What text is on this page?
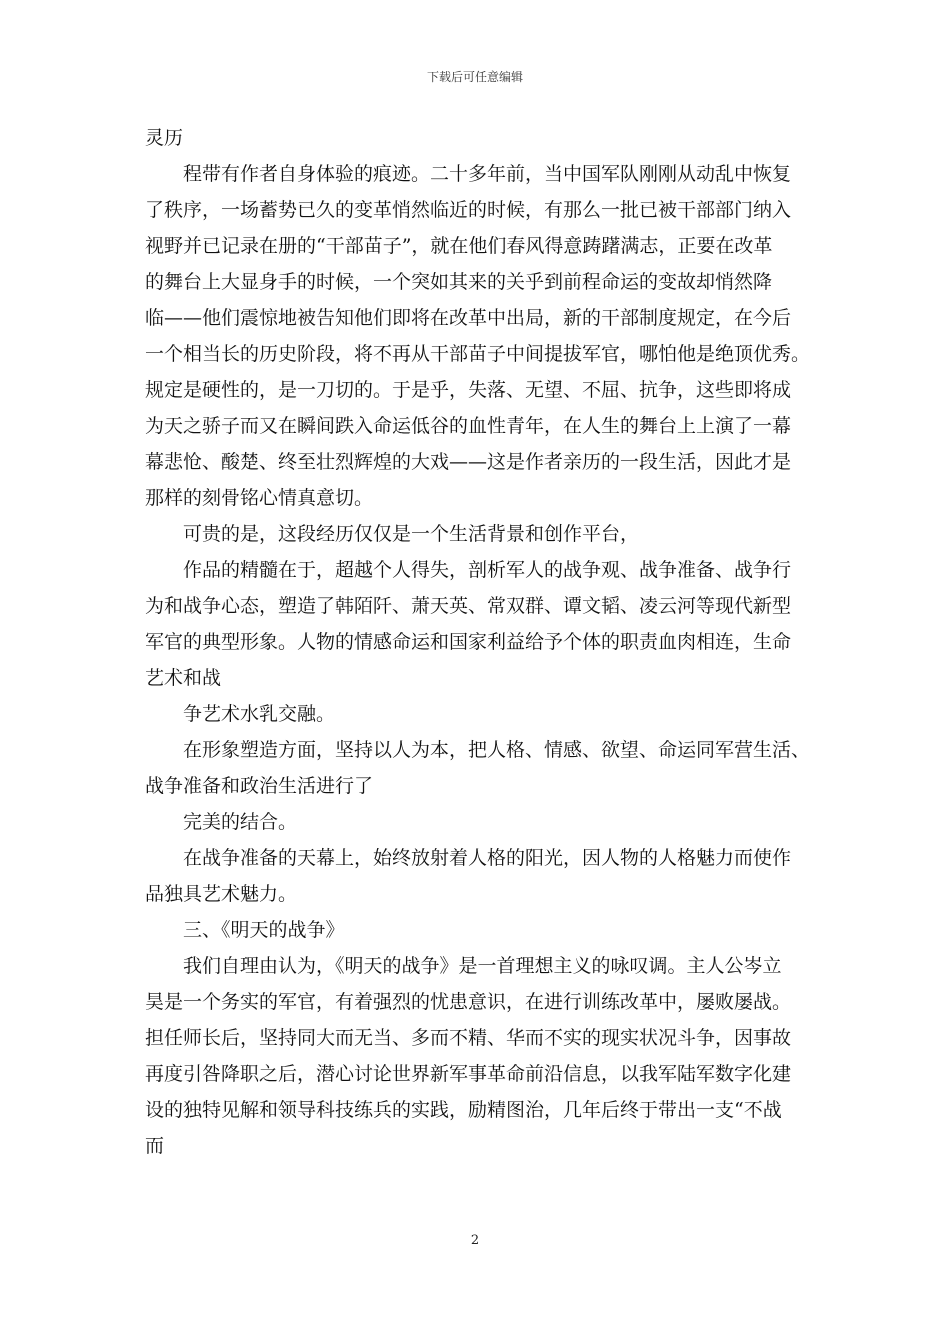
下载后可任意编辑
灵历
程带有作者自身体验的痕迹。二十多年前，当中国军队刚刚从动乱中恢复
了秩序，一场蓄势已久的变革悄然临近的时候，有那么一批已被干部部门纳入
视野并已记录在册的“干部苗子”，就在他们春风得意踌躇满志，正要在改革
的舞台上大显身手的时候，一个突如其来的关乎到前程命运的变故却悄然降
临——他们震惊地被告知他们即将在改革中出局，新的干部制度规定，在今后
一个相当长的历史阶段，将不再从干部苗子中间提拔军官，哪怕他是绝顶优秀。
规定是硬性的，是一刀切的。于是乎，失落、无望、不屈、抗争，这些即将成
为天之骄子而又在瞬间跌入命运低谷的血性青年，在人生的舞台上上演了一幕
幕悲怆、酸楚、终至壮烈辉煌的大戏——这是作者亲历的一段生活，因此才是
那样的刻骨铭心情真意切。
可贵的是，这段经历仅仅是一个生活背景和创作平台，
作品的精髓在于，超越个人得失，剖析军人的战争观、战争准备、战争行
为和战争心态，塑造了韩陌阡、萧天英、常双群、谭文韬、凌云河等现代新型
军官的典型形象。人物的情感命运和国家利益给予个体的职责血肉相连，生命
艺术和战
争艺术水乳交融。
在形象塑造方面，坚持以人为本，把人格、情感、欲望、命运同军营生活、
战争准备和政治生活进行了
完美的结合。
在战争准备的天幕上，始终放射着人格的阳光，因人物的人格魅力而使作
品独具艺术魅力。
三、《明天的战争》
我们自理由认为，《明天的战争》是一首理想主义的咏叹调。主人公岑立
昊是一个务实的军官，有着强烈的忧患意识，在进行训练改革中，屡败屡战。
担任师长后，坚持同大而无当、多而不精、华而不实的现实状况斗争，因事故
再度引咎降职之后，潜心讨论世界新军事革命前沿信息，以我军陆军数字化建
设的独特见解和领导科技练兵的实践，励精图治，几年后终于带出一支“不战
而
2
